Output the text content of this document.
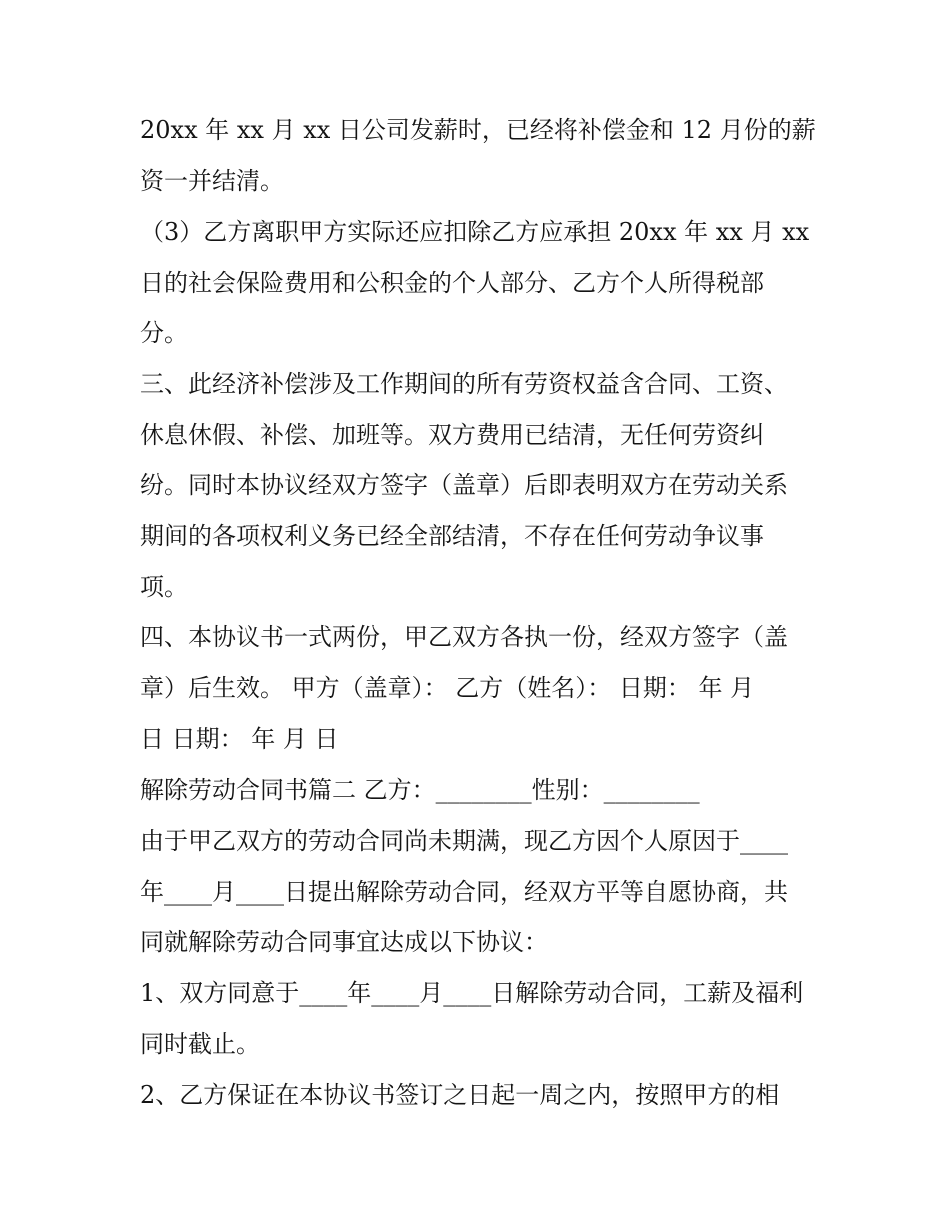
20xx 年 xx 月 xx 日公司发薪时，已经将补偿金和 12 月份的薪

资一并结清。

（3）乙方离职甲方实际还应扣除乙方应承担 20xx 年 xx 月 xx

日的社会保险费用和公积金的个人部分、乙方个人所得税部

分。

三、此经济补偿涉及工作期间的所有劳资权益含合同、工资、

休息休假、补偿、加班等。双方费用已结清，无任何劳资纠

纷。同时本协议经双方签字（盖章）后即表明双方在劳动关系

期间的各项权利义务已经全部结清，不存在任何劳动争议事

项。

四、本协议书一式两份，甲乙双方各执一份，经双方签字（盖

章）后生效。 甲方（盖章）： 乙方（姓名）： 日期： 年 月

日 日期： 年 月 日

解除劳动合同书篇二 乙方：________性别：________

由于甲乙双方的劳动合同尚未期满，现乙方因个人原因于____

年____月____日提出解除劳动合同，经双方平等自愿协商，共

同就解除劳动合同事宜达成以下协议：

1、双方同意于____年____月____日解除劳动合同，工薪及福利

同时截止。

2、乙方保证在本协议书签订之日起一周之内，按照甲方的相
